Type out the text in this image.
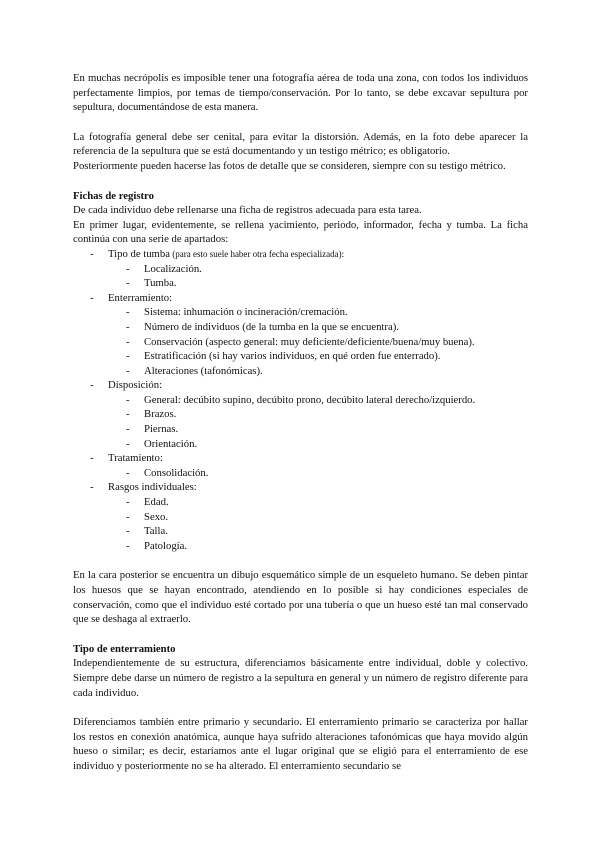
En muchas necrópolis es imposible tener una fotografía aérea de toda una zona, con todos los individuos perfectamente limpios, por temas de tiempo/conservación. Por lo tanto, se debe excavar sepultura por sepultura, documentándose de esta manera.

La fotografía general debe ser cenital, para evitar la distorsión. Además, en la foto debe aparecer la referencia de la sepultura que se está documentando y un testigo métrico; es obligatorio.

Posteriormente pueden hacerse las fotos de detalle que se consideren, siempre con su testigo métrico.

Fichas de registro

De cada individuo debe rellenarse una ficha de registros adecuada para esta tarea.

En primer lugar, evidentemente, se rellena yacimiento, periodo, informador, fecha y tumba. La ficha continúa con una serie de apartados:

- Tipo de tumba (para esto suele haber otra fecha especializada):
- Localización.
- Tumba.
- Enterramiento:
- Sistema: inhumación o incineración/cremación.
- Número de individuos (de la tumba en la que se encuentra).
- Conservación (aspecto general: muy deficiente/deficiente/buena/muy buena).
- Estratificación (si hay varios individuos, en qué orden fue enterrado).
- Alteraciones (tafonómicas).
- Disposición:
- General: decúbito supino, decúbito prono, decúbito lateral derecho/izquierdo.
- Brazos.
- Piernas.
- Orientación.
- Tratamiento:
- Consolidación.
- Rasgos individuales:
- Edad.
- Sexo.
- Talla.
- Patología.

En la cara posterior se encuentra un dibujo esquemático simple de un esqueleto humano. Se deben pintar los huesos que se hayan encontrado, atendiendo en lo posible si hay condiciones especiales de conservación, como que el individuo esté cortado por una tubería o que un hueso esté tan mal conservado que se deshaga al extraerlo.

Tipo de enterramiento

Independientemente de su estructura, diferenciamos básicamente entre individual, doble y colectivo. Siempre debe darse un número de registro a la sepultura en general y un número de registro diferente para cada individuo.

Diferenciamos también entre primario y secundario. El enterramiento primario se caracteriza por hallar los restos en conexión anatómica, aunque haya sufrido alteraciones tafonómicas que haya movido algún hueso o similar; es decir, estaríamos ante el lugar original que se eligió para el enterramiento de ese individuo y posteriormente no se ha alterado. El enterramiento secundario se
